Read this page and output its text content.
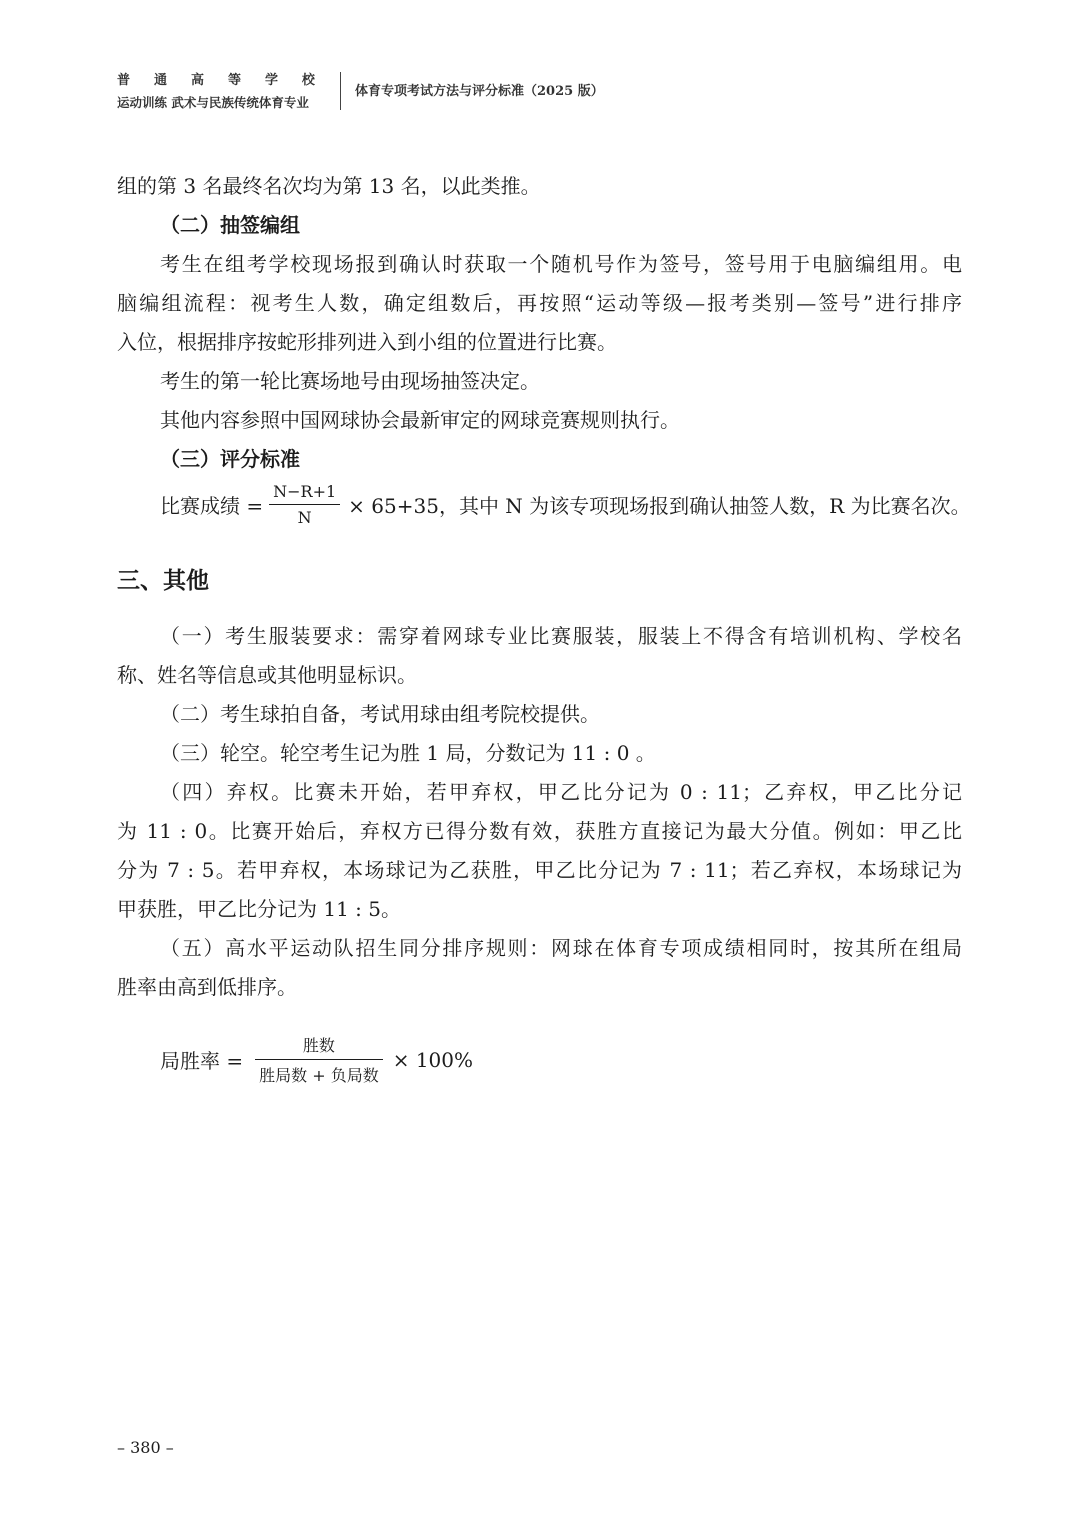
普 通 高 等 学 校
运动训练 武术与民族传统体育专业
体育专项考试方法与评分标准（2025 版）
组的第 3 名最终名次均为第 13 名，以此类推。
（二）抽签编组
考生在组考学校现场报到确认时获取一个随机号作为签号，签号用于电脑编组用。电
脑编组流程：视考生人数，确定组数后，再按照“运动等级—报考类别—签号”进行排序
入位，根据排序按蛇形排列进入到小组的位置进行比赛。
考生的第一轮比赛场地号由现场抽签决定。
其他内容参照中国网球协会最新审定的网球竞赛规则执行。
（三）评分标准
比赛成绩 = $\frac{N-R+1}{N} \times 65+35$，其中 N 为该专项现场报到确认抽签人数，R 为比赛名次。
三、其他
（一）考生服装要求：需穿着网球专业比赛服装，服装上不得含有培训机构、学校名
称、姓名等信息或其他明显标识。
（二）考生球拍自备，考试用球由组考院校提供。
（三）轮空。轮空考生记为胜 1 局，分数记为 11 : 0 。
（四）弃权。比赛未开始，若甲弃权，甲乙比分记为 0 : 11；乙弃权，甲乙比分记
为 11 : 0。比赛开始后，弃权方已得分数有效，获胜方直接记为最大分值。例如：甲乙比
分为 7 : 5。若甲弃权，本场球记为乙获胜，甲乙比分记为 7 : 11；若乙弃权，本场球记为
甲获胜，甲乙比分记为 11 : 5。
（五）高水平运动队招生同分排序规则：网球在体育专项成绩相同时，按其所在组局
胜率由高到低排序。
局胜率 = $\frac{\text{胜数}}{\text{胜局数 + 负局数}} \times 100\%$
– 380 –
